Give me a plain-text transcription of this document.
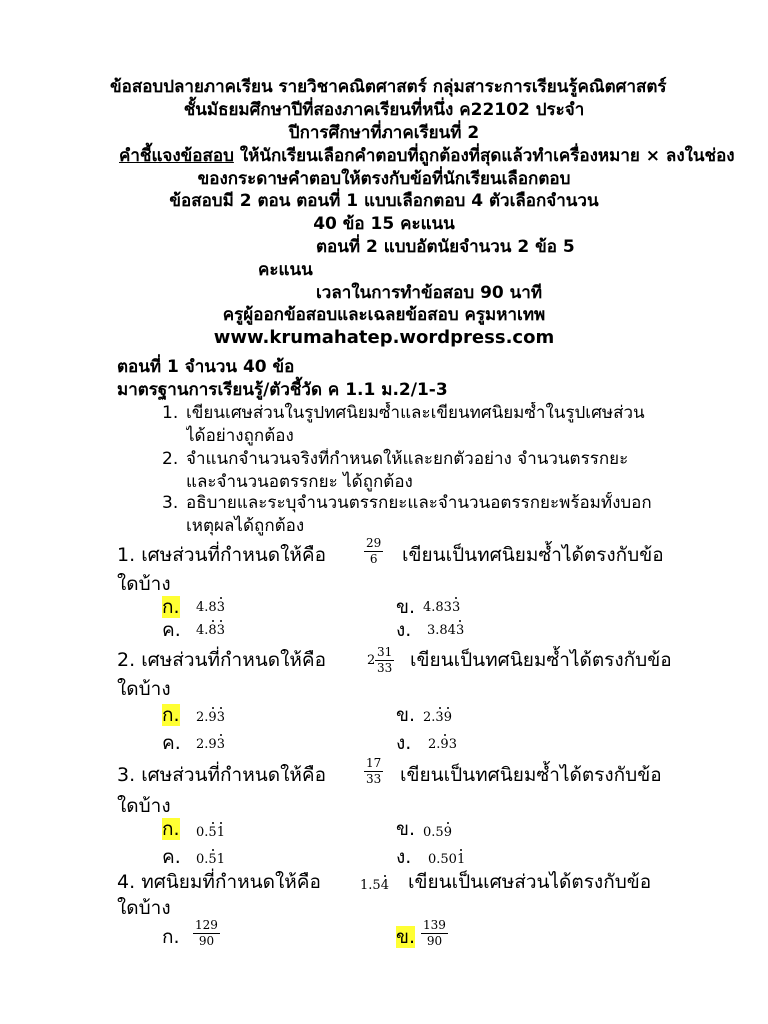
ข้อสอบปลายภาคเรียน รายวิชาคณิตศาสตร์ กลุ่มสาระการเรียนรู้คณิตศาสตร์
ชั้นมัธยมศึกษาปีที่สองภาคเรียนที่หนึ่ง ค22102 ประจำ
ปีการศึกษาที่ภาคเรียนที่ 2
คำชี้แจงข้อสอบ ให้นักเรียนเลือกคำตอบที่ถูกต้องที่สุดแล้วทำเครื่องหมาย × ลงในช่อง
ของกระดาษคำตอบให้ตรงกับข้อที่นักเรียนเลือกตอบ
ข้อสอบมี 2 ตอน ตอนที่ 1 แบบเลือกตอบ 4 ตัวเลือกจำนวน
40 ข้อ 15 คะแนน
ตอนที่ 2 แบบอัตนัยจำนวน 2 ข้อ 5
คะแนน
เวลาในการทำข้อสอบ 90 นาที
ครูผู้ออกข้อสอบและเฉลยข้อสอบ ครูมหาเทพ
www.krumahatep.wordpress.com
ตอนที่ 1 จำนวน 40 ข้อ
มาตรฐานการเรียนรู้/ตัวชี้วัด ค 1.1 ม.2/1-3
1. เขียนเศษส่วนในรูปทศนิยมซ้ำและเขียนทศนิยมซ้ำในรูปเศษส่วนได้อย่างถูกต้อง
2. จำแนกจำนวนจริงที่กำหนดให้และยกตัวอย่าง จำนวนตรรกยะและจำนวนอตรรกยะ ได้ถูกต้อง
3. อธิบายและระบุจำนวนตรรกยะและจำนวนอตรรกยะพร้อมทั้งบอกเหตุผลได้ถูกต้อง
1. เศษส่วนที่กำหนดให้คือ	$\frac{29}{6}$ เขียนเป็นทศนิยมซ้ำได้ตรงกับข้อ
ใดบ้าง
ก. 4.83	ข. 4.833
ค. 4.83	ง. 3.843
2. เศษส่วนที่กำหนดให้คือ	$2 \frac{31}{33}$ เขียนเป็นทศนิยมซ้ำได้ตรงกับข้อ
ใดบ้าง
ก. 2.93	ข. 2.39
ค. 2.93	ง. 2.93
3. เศษส่วนที่กำหนดให้คือ	$\frac{17}{33}$ เขียนเป็นทศนิยมซ้ำได้ตรงกับข้อ
ใดบ้าง
ก. 0.51	ข. 0.59
ค. 0.51	ง. 0.501
4. ทศนิยมที่กำหนดให้คือ	1.54 เขียนเป็นเศษส่วนได้ตรงกับข้อ
ใดบ้าง
ก. $\frac{129}{90}$	ข. $\frac{139}{90}$
